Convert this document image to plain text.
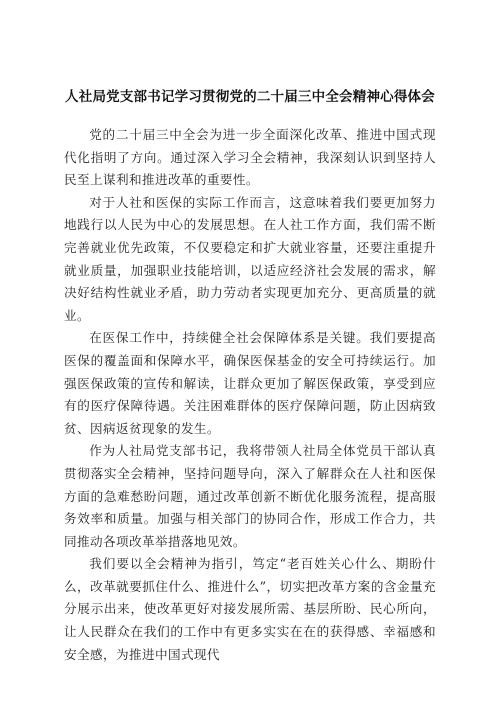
人社局党支部书记学习贯彻党的二十届三中全会精神心得体会

党的二十届三中全会为进一步全面深化改革、推进中国式现代化指明了方向。通过深入学习全会精神，我深刻认识到坚持人民至上谋利和推进改革的重要性。

对于人社和医保的实际工作而言，这意味着我们要更加努力地践行以人民为中心的发展思想。在人社工作方面，我们需不断完善就业优先政策，不仅要稳定和扩大就业容量，还要注重提升就业质量，加强职业技能培训，以适应经济社会发展的需求，解决好结构性就业矛盾，助力劳动者实现更加充分、更高质量的就业。

在医保工作中，持续健全社会保障体系是关键。我们要提高医保的覆盖面和保障水平，确保医保基金的安全可持续运行。加强医保政策的宣传和解读，让群众更加了解医保政策，享受到应有的医疗保障待遇。关注困难群体的医疗保障问题，防止因病致贫、因病返贫现象的发生。

作为人社局党支部书记，我将带领人社局全体党员干部认真贯彻落实全会精神，坚持问题导向，深入了解群众在人社和医保方面的急难愁盼问题，通过改革创新不断优化服务流程，提高服务效率和质量。加强与相关部门的协同合作，形成工作合力，共同推动各项改革举措落地见效。

我们要以全会精神为指引，笃定“老百姓关心什么、期盼什么，改革就要抓住什么、推进什么”，切实把改革方案的含金量充分展示出来，使改革更好对接发展所需、基层所盼、民心所向，让人民群众在我们的工作中有更多实实在在的获得感、幸福感和安全感，为推进中国式现代
